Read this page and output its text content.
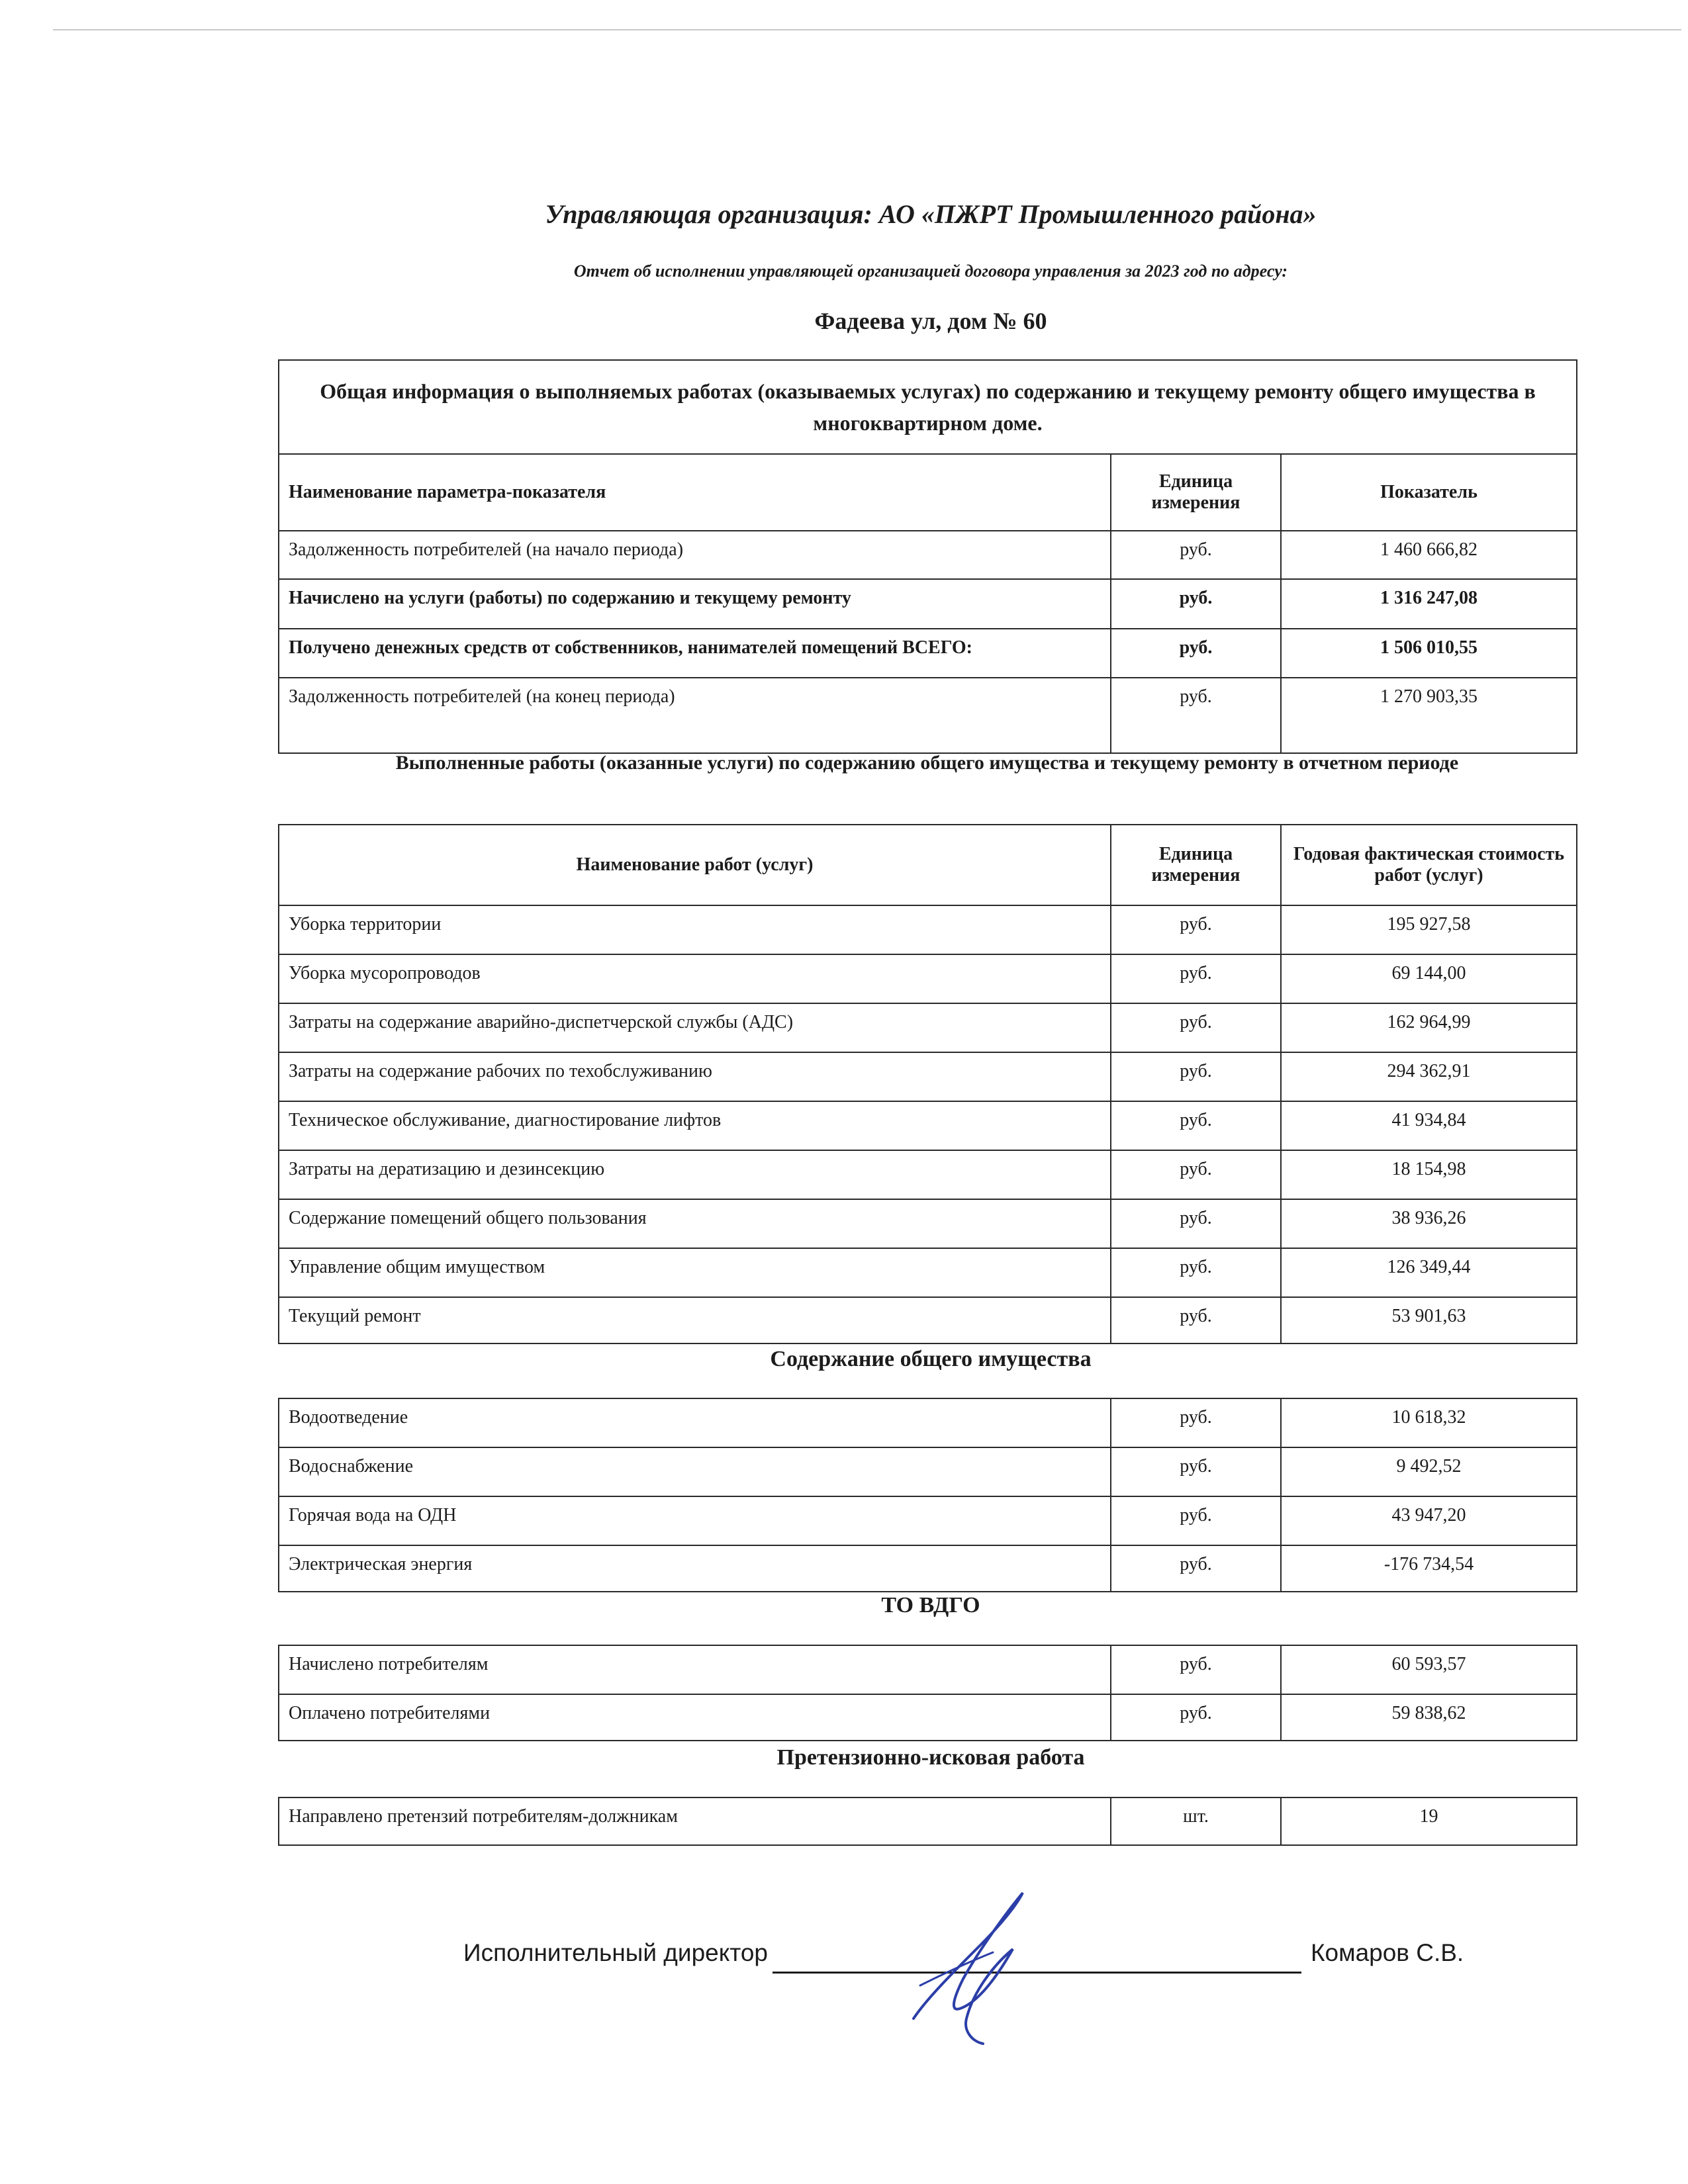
Управляющая организация: АО «ПЖРТ Промышленного района»
Отчет об исполнении управляющей организацией договора управления за 2023 год по адресу:
Фадеева ул, дом № 60
Общая информация о выполняемых работах (оказываемых услугах) по содержанию и текущему ремонту общего имущества в многоквартирном доме.		
Наименование параметра-показателя	Единица измерения	Показатель
Задолженность потребителей (на начало периода)	руб.	1 460 666,82
Начислено на услуги (работы) по содержанию и текущему ремонту	руб.	1 316 247,08
Получено денежных средств от собственников, нанимателей помещений ВСЕГО:	руб.	1 506 010,55
Задолженность потребителей (на конец периода)	руб.	1 270 903,35
Выполненные работы (оказанные услуги) по содержанию общего имущества и текущему ремонту в отчетном периоде
Наименование работ (услуг)	Единица измерения	Годовая фактическая стоимость работ (услуг)
Уборка территории	руб.	195 927,58
Уборка мусоропроводов	руб.	69 144,00
Затраты на содержание аварийно-диспетчерской службы (АДС)	руб.	162 964,99
Затраты на содержание рабочих по техобслуживанию	руб.	294 362,91
Техническое обслуживание, диагностирование лифтов	руб.	41 934,84
Затраты на дератизацию и дезинсекцию	руб.	18 154,98
Содержание помещений общего пользования	руб.	38 936,26
Управление общим имуществом	руб.	126 349,44
Текущий ремонт	руб.	53 901,63
Содержание общего имущества
Водоотведение	руб.	10 618,32
Водоснабжение	руб.	9 492,52
Горячая вода на ОДН	руб.	43 947,20
Электрическая энергия	руб.	-176 734,54
ТО ВДГО
Начислено потребителям	руб.	60 593,57
Оплачено потребителями	руб.	59 838,62
Претензионно-исковая работа
Направлено претензий потребителям-должникам	шт.	19
Исполнительный директор	Комаров С.В.
